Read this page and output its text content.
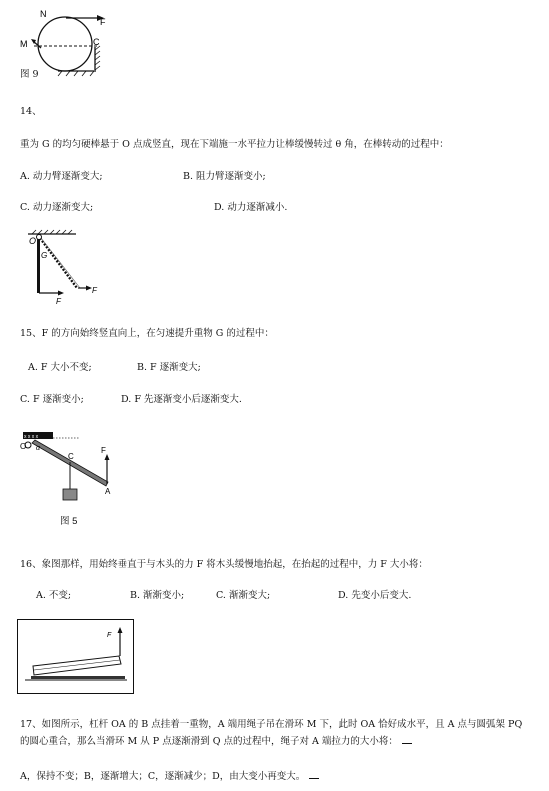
N
F
M	C
图 9
14、
重为 G 的均匀硬棒悬于 O 点成竖直，现在下端施一水平拉力让棒缓慢转过 θ 角，在棒转动的过程中：
A. 动力臂逐渐变大;	B. 阻力臂逐渐变小;
C. 动力逐渐变大;	D. 动力逐渐减小.
O
G
F
F
15、F 的方向始终竖直向上，在匀速提升重物 G 的过程中：
A. F 大小不变;	B. F 逐渐变大;
C. F 逐渐变小;	D. F 先逐渐变小后逐渐变大.
x x x x
O α
C
F
A
图 5
16、象图那样，用始终垂直于与木头的力 F 将木头缓慢地抬起，在抬起的过程中，力 F 大小将：
A. 不变;	B. 渐渐变小;	C. 渐渐变大;	D. 先变小后变大.
F
17、如图所示，杠杆 OA 的 B 点挂着一重物，A 端用绳子吊在滑环 M 下，此时 OA 恰好成水平，且 A 点与圆弧架 PQ
的圆心重合，那么当滑环 M 从 P 点逐渐滑到 Q 点的过程中，绳子对 A 端拉力的大小将：
A，保持不变；B，逐渐增大；C，逐渐减少；D，由大变小再变大。
